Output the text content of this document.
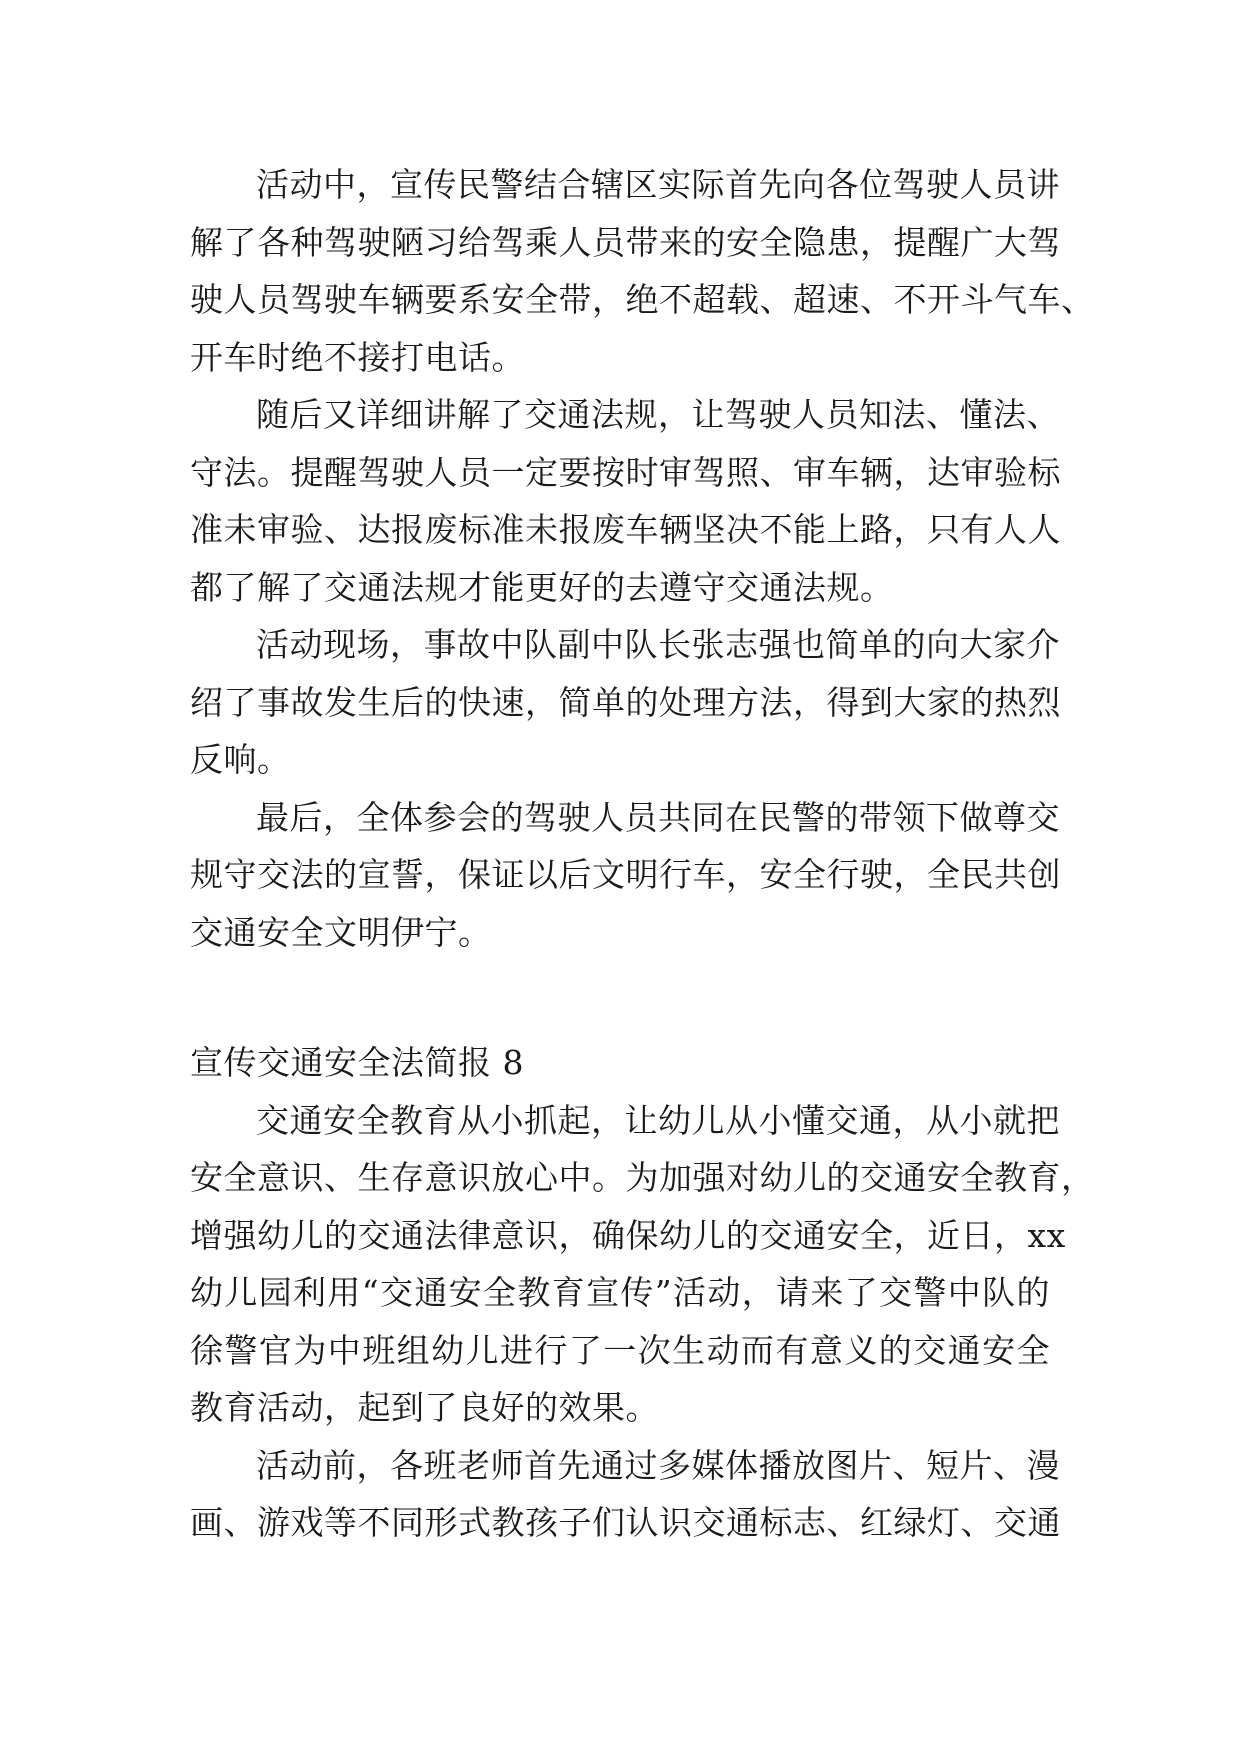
活动中，宣传民警结合辖区实际首先向各位驾驶人员讲
解了各种驾驶陋习给驾乘人员带来的安全隐患，提醒广大驾
驶人员驾驶车辆要系安全带，绝不超载、超速、不开斗气车、
开车时绝不接打电话。
随后又详细讲解了交通法规，让驾驶人员知法、懂法、
守法。提醒驾驶人员一定要按时审驾照、审车辆，达审验标
准未审验、达报废标准未报废车辆坚决不能上路，只有人人
都了解了交通法规才能更好的去遵守交通法规。
活动现场，事故中队副中队长张志强也简单的向大家介
绍了事故发生后的快速，简单的处理方法，得到大家的热烈
反响。
最后，全体参会的驾驶人员共同在民警的带领下做尊交
规守交法的宣誓，保证以后文明行车，安全行驶，全民共创
交通安全文明伊宁。
宣传交通安全法简报 8
交通安全教育从小抓起，让幼儿从小懂交通，从小就把
安全意识、生存意识放心中。为加强对幼儿的交通安全教育，
增强幼儿的交通法律意识，确保幼儿的交通安全，近日，xx
幼儿园利用“交通安全教育宣传”活动，请来了交警中队的
徐警官为中班组幼儿进行了一次生动而有意义的交通安全
教育活动，起到了良好的效果。
活动前，各班老师首先通过多媒体播放图片、短片、漫
画、游戏等不同形式教孩子们认识交通标志、红绿灯、交通
